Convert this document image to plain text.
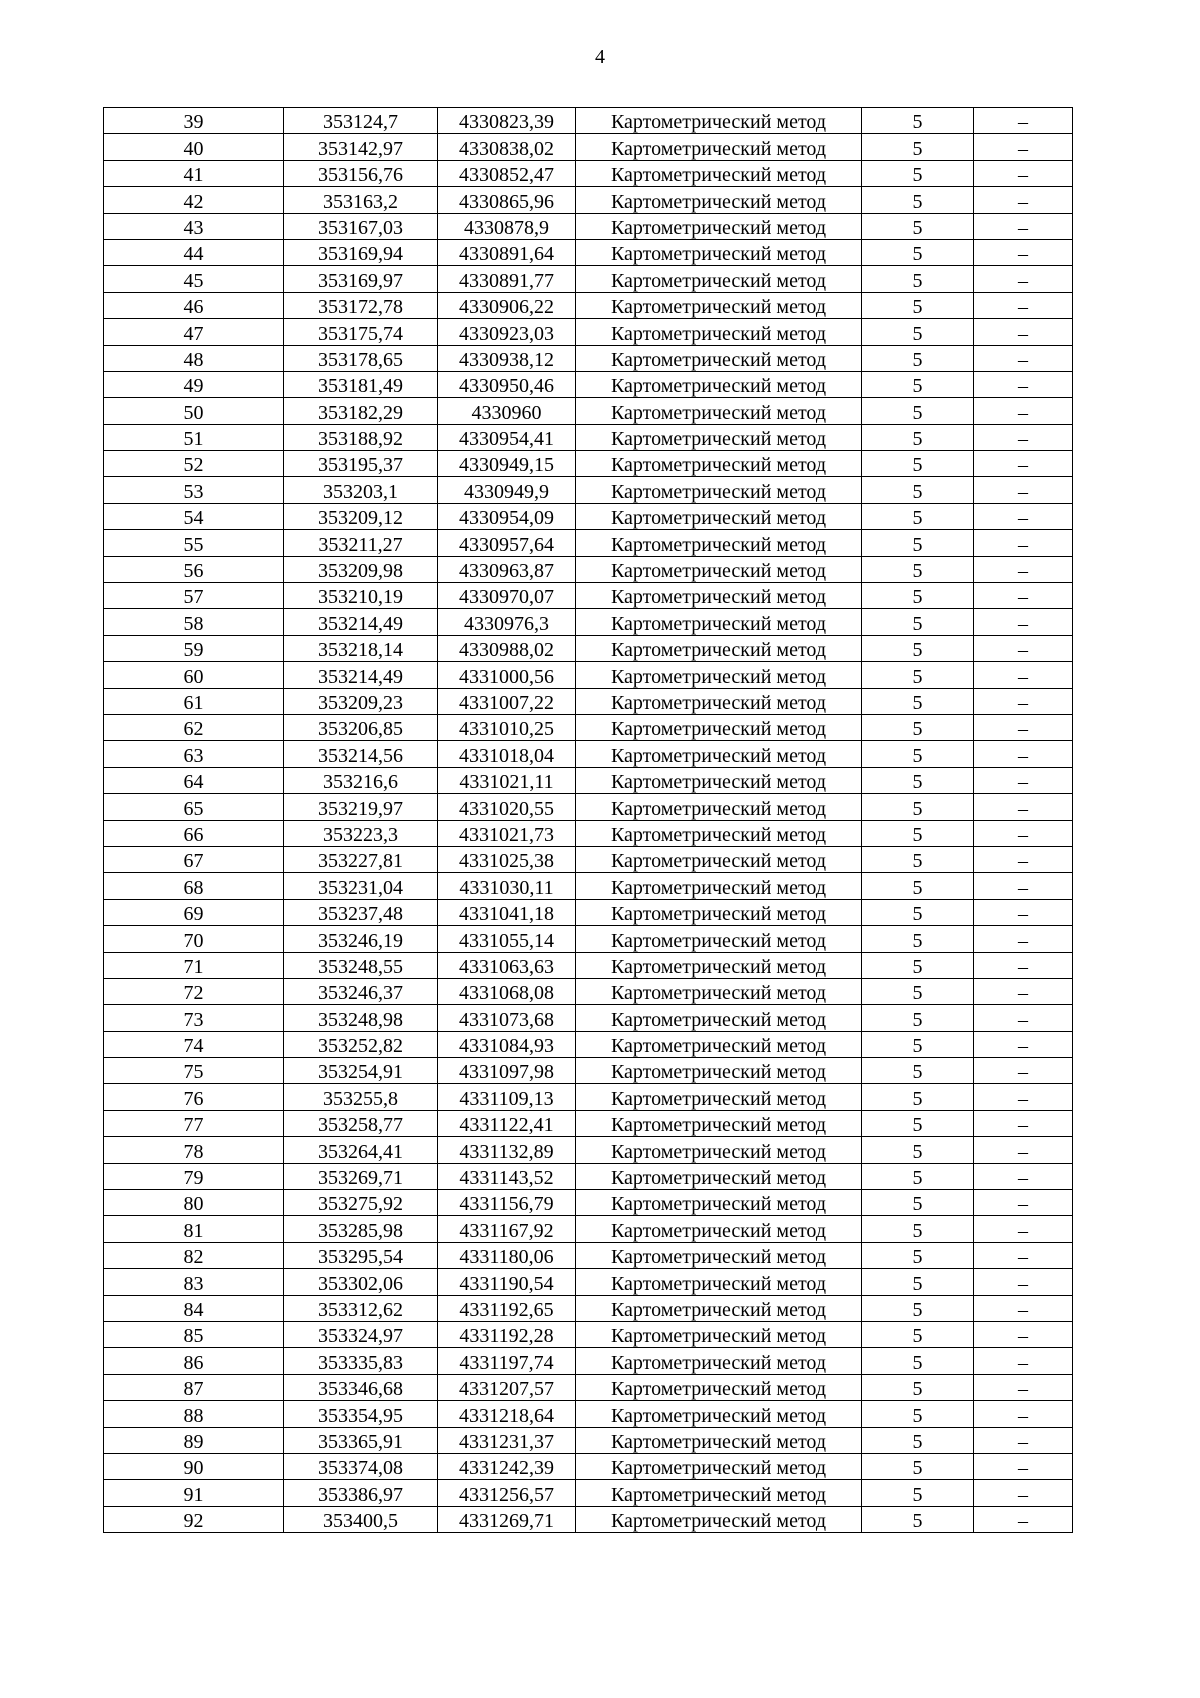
4
39	353124,7	4330823,39	Картометрический метод	5	–
40	353142,97	4330838,02	Картометрический метод	5	–
41	353156,76	4330852,47	Картометрический метод	5	–
42	353163,2	4330865,96	Картометрический метод	5	–
43	353167,03	4330878,9	Картометрический метод	5	–
44	353169,94	4330891,64	Картометрический метод	5	–
45	353169,97	4330891,77	Картометрический метод	5	–
46	353172,78	4330906,22	Картометрический метод	5	–
47	353175,74	4330923,03	Картометрический метод	5	–
48	353178,65	4330938,12	Картометрический метод	5	–
49	353181,49	4330950,46	Картометрический метод	5	–
50	353182,29	4330960	Картометрический метод	5	–
51	353188,92	4330954,41	Картометрический метод	5	–
52	353195,37	4330949,15	Картометрический метод	5	–
53	353203,1	4330949,9	Картометрический метод	5	–
54	353209,12	4330954,09	Картометрический метод	5	–
55	353211,27	4330957,64	Картометрический метод	5	–
56	353209,98	4330963,87	Картометрический метод	5	–
57	353210,19	4330970,07	Картометрический метод	5	–
58	353214,49	4330976,3	Картометрический метод	5	–
59	353218,14	4330988,02	Картометрический метод	5	–
60	353214,49	4331000,56	Картометрический метод	5	–
61	353209,23	4331007,22	Картометрический метод	5	–
62	353206,85	4331010,25	Картометрический метод	5	–
63	353214,56	4331018,04	Картометрический метод	5	–
64	353216,6	4331021,11	Картометрический метод	5	–
65	353219,97	4331020,55	Картометрический метод	5	–
66	353223,3	4331021,73	Картометрический метод	5	–
67	353227,81	4331025,38	Картометрический метод	5	–
68	353231,04	4331030,11	Картометрический метод	5	–
69	353237,48	4331041,18	Картометрический метод	5	–
70	353246,19	4331055,14	Картометрический метод	5	–
71	353248,55	4331063,63	Картометрический метод	5	–
72	353246,37	4331068,08	Картометрический метод	5	–
73	353248,98	4331073,68	Картометрический метод	5	–
74	353252,82	4331084,93	Картометрический метод	5	–
75	353254,91	4331097,98	Картометрический метод	5	–
76	353255,8	4331109,13	Картометрический метод	5	–
77	353258,77	4331122,41	Картометрический метод	5	–
78	353264,41	4331132,89	Картометрический метод	5	–
79	353269,71	4331143,52	Картометрический метод	5	–
80	353275,92	4331156,79	Картометрический метод	5	–
81	353285,98	4331167,92	Картометрический метод	5	–
82	353295,54	4331180,06	Картометрический метод	5	–
83	353302,06	4331190,54	Картометрический метод	5	–
84	353312,62	4331192,65	Картометрический метод	5	–
85	353324,97	4331192,28	Картометрический метод	5	–
86	353335,83	4331197,74	Картометрический метод	5	–
87	353346,68	4331207,57	Картометрический метод	5	–
88	353354,95	4331218,64	Картометрический метод	5	–
89	353365,91	4331231,37	Картометрический метод	5	–
90	353374,08	4331242,39	Картометрический метод	5	–
91	353386,97	4331256,57	Картометрический метод	5	–
92	353400,5	4331269,71	Картометрический метод	5	–
